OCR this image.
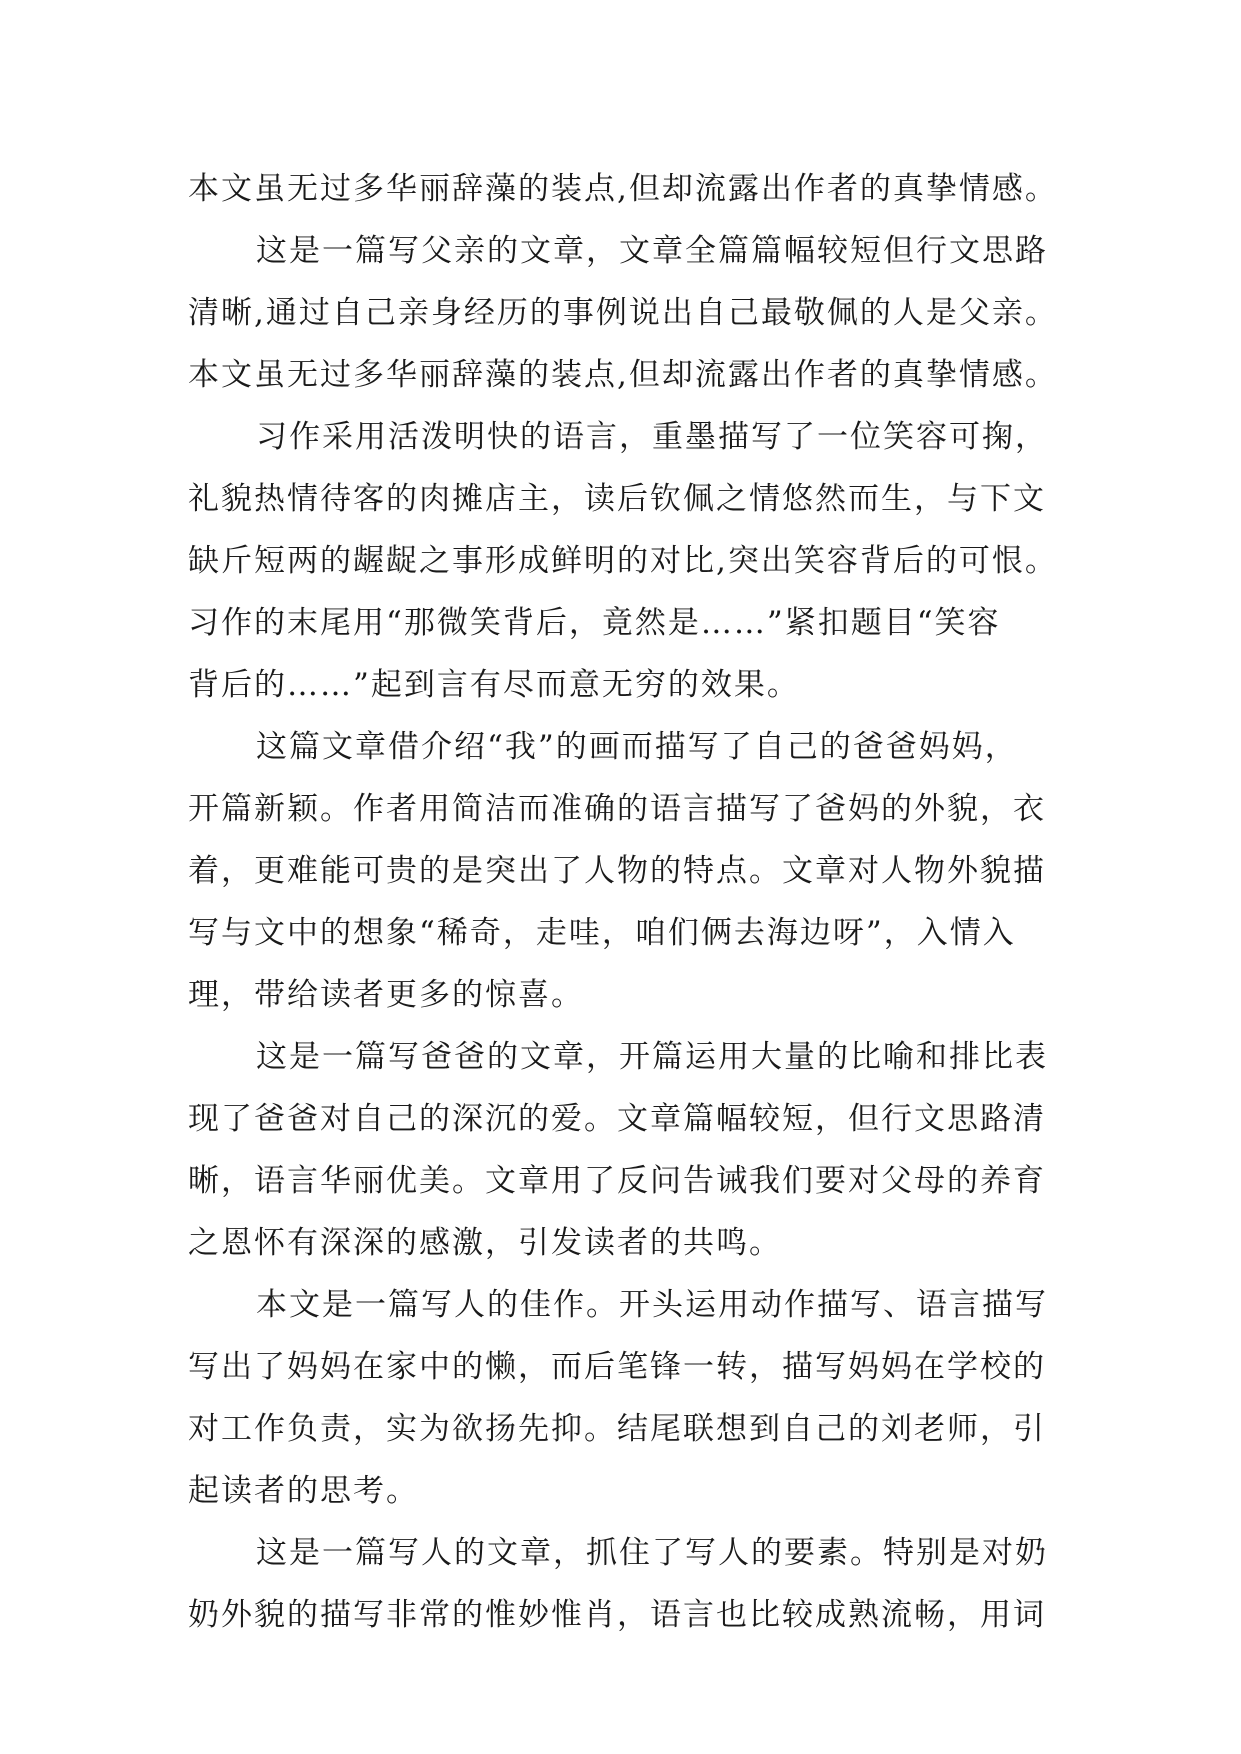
本文虽无过多华丽辞藻的装点,但却流露出作者的真挚情感。
这是一篇写父亲的文章，文章全篇篇幅较短但行文思路
清晰,通过自己亲身经历的事例说出自己最敬佩的人是父亲。
本文虽无过多华丽辞藻的装点,但却流露出作者的真挚情感。
习作采用活泼明快的语言，重墨描写了一位笑容可掬，
礼貌热情待客的肉摊店主，读后钦佩之情悠然而生，与下文
缺斤短两的龌龊之事形成鲜明的对比,突出笑容背后的可恨。
习作的末尾用“那微笑背后，竟然是……”紧扣题目“笑容
背后的……”起到言有尽而意无穷的效果。
这篇文章借介绍“我”的画而描写了自己的爸爸妈妈，
开篇新颖。作者用简洁而准确的语言描写了爸妈的外貌，衣
着，更难能可贵的是突出了人物的特点。文章对人物外貌描
写与文中的想象“稀奇，走哇，咱们俩去海边呀”，入情入
理，带给读者更多的惊喜。
这是一篇写爸爸的文章，开篇运用大量的比喻和排比表
现了爸爸对自己的深沉的爱。文章篇幅较短，但行文思路清
晰，语言华丽优美。文章用了反问告诫我们要对父母的养育
之恩怀有深深的感激，引发读者的共鸣。
本文是一篇写人的佳作。开头运用动作描写、语言描写
写出了妈妈在家中的懒，而后笔锋一转，描写妈妈在学校的
对工作负责，实为欲扬先抑。结尾联想到自己的刘老师，引
起读者的思考。
这是一篇写人的文章，抓住了写人的要素。特别是对奶
奶外貌的描写非常的惟妙惟肖，语言也比较成熟流畅，用词
